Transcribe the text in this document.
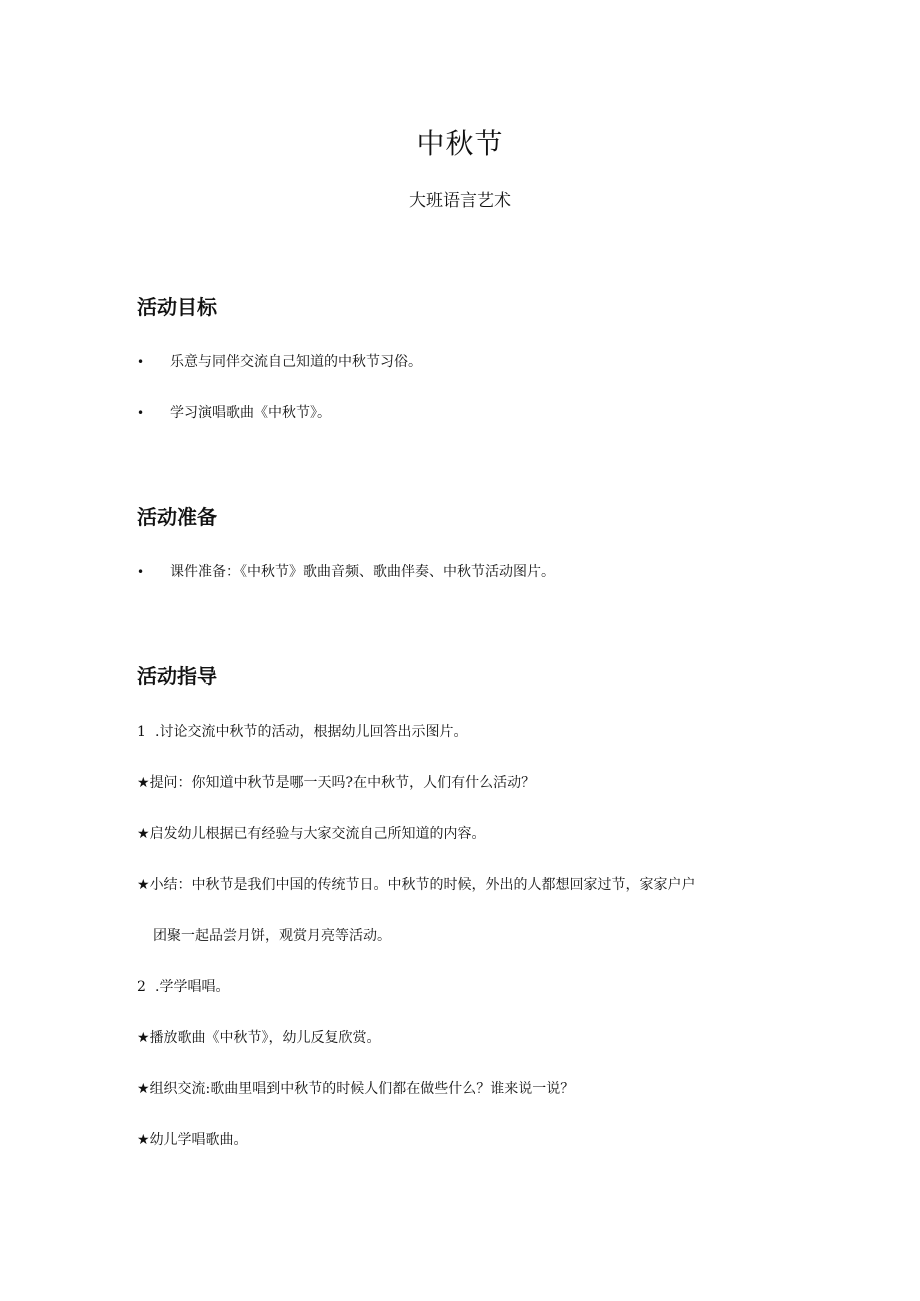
中秋节
大班语言艺术
活动目标
• 乐意与同伴交流自己知道的中秋节习俗。
• 学习演唱歌曲《中秋节》。
活动准备
• 课件准备：《中秋节》歌曲音频、歌曲伴奏、中秋节活动图片。
活动指导
1 .讨论交流中秋节的活动，根据幼儿回答出示图片。
★提问：你知道中秋节是哪一天吗?在中秋节，人们有什么活动？
★启发幼儿根据已有经验与大家交流自己所知道的内容。
★小结：中秋节是我们中国的传统节日。中秋节的时候，外出的人都想回家过节，家家户户
团聚一起品尝月饼，观赏月亮等活动。
2 .学学唱唱。
★播放歌曲《中秋节》，幼儿反复欣赏。
★组织交流:歌曲里唱到中秋节的时候人们都在做些什么？谁来说一说？
★幼儿学唱歌曲。
